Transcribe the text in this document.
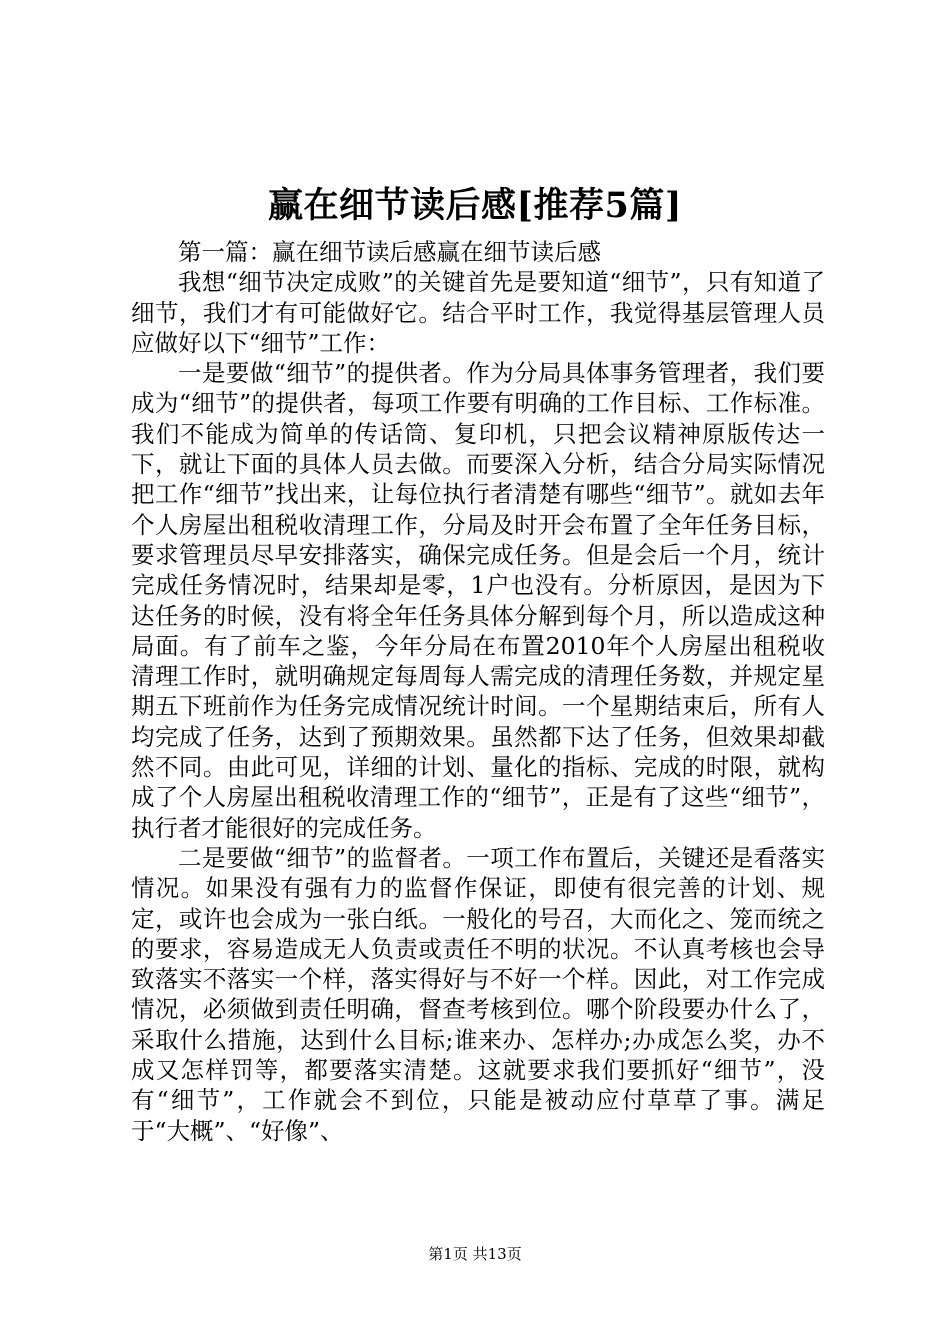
赢在细节读后感[推荐5篇]

第一篇：赢在细节读后感赢在细节读后感

我想“细节决定成败”的关键首先是要知道“细节”，只有知道了细节，我们才有可能做好它。结合平时工作，我觉得基层管理人员应做好以下“细节”工作：

一是要做“细节”的提供者。作为分局具体事务管理者，我们要成为“细节”的提供者，每项工作要有明确的工作目标、工作标准。我们不能成为简单的传话筒、复印机，只把会议精神原版传达一下，就让下面的具体人员去做。而要深入分析，结合分局实际情况把工作“细节”找出来，让每位执行者清楚有哪些“细节”。就如去年个人房屋出租税收清理工作，分局及时开会布置了全年任务目标，要求管理员尽早安排落实，确保完成任务。但是会后一个月，统计完成任务情况时，结果却是零，1户也没有。分析原因，是因为下达任务的时候，没有将全年任务具体分解到每个月，所以造成这种局面。有了前车之鉴，今年分局在布置2010年个人房屋出租税收清理工作时，就明确规定每周每人需完成的清理任务数，并规定星期五下班前作为任务完成情况统计时间。一个星期结束后，所有人均完成了任务，达到了预期效果。虽然都下达了任务，但效果却截然不同。由此可见，详细的计划、量化的指标、完成的时限，就构成了个人房屋出租税收清理工作的“细节”，正是有了这些“细节”，执行者才能很好的完成任务。

二是要做“细节”的监督者。一项工作布置后，关键还是看落实情况。如果没有强有力的监督作保证，即使有很完善的计划、规定，或许也会成为一张白纸。一般化的号召，大而化之、笼而统之的要求，容易造成无人负责或责任不明的状况。不认真考核也会导致落实不落实一个样，落实得好与不好一个样。因此，对工作完成情况，必须做到责任明确，督查考核到位。哪个阶段要办什么了，采取什么措施，达到什么目标;谁来办、怎样办;办成怎么奖，办不成又怎样罚等，都要落实清楚。这就要求我们要抓好“细节”，没有“细节”，工作就会不到位，只能是被动应付草草了事。满足于“大概”、“好像”、

第1页 共13页
